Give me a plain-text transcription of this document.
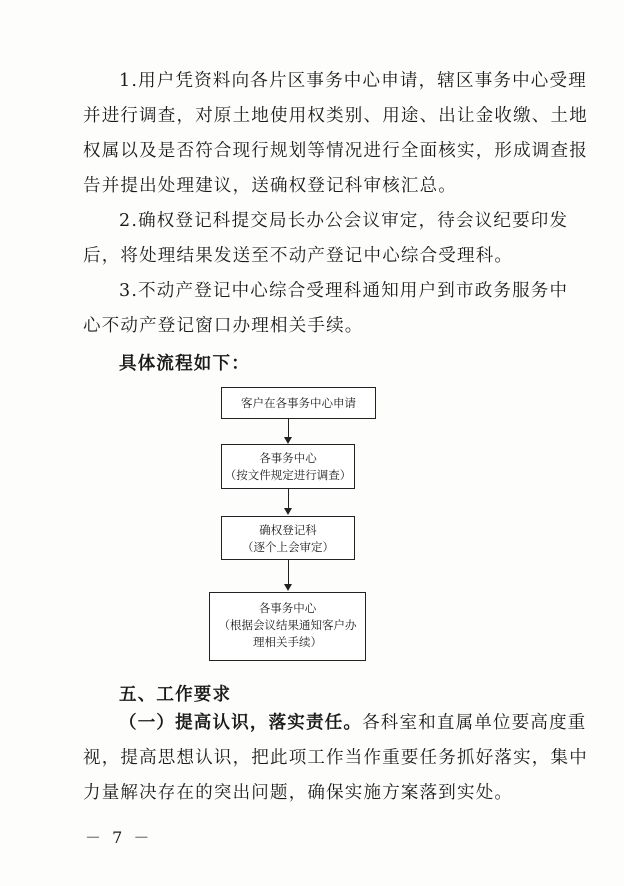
1.用户凭资料向各片区事务中心申请，辖区事务中心受理
并进行调查，对原土地使用权类别、用途、出让金收缴、土地
权属以及是否符合现行规划等情况进行全面核实，形成调查报
告并提出处理建议，送确权登记科审核汇总。
2.确权登记科提交局长办公会议审定，待会议纪要印发
后，将处理结果发送至不动产登记中心综合受理科。
3.不动产登记中心综合受理科通知用户到市政务服务中
心不动产登记窗口办理相关手续。
具体流程如下：
客户在各事务中心申请
各事务中心
（按文件规定进行调查）
确权登记科
（逐个上会审定）
各事务中心
（根据会议结果通知客户办
理相关手续）
五、工作要求
（一）提高认识，落实责任。各科室和直属单位要高度重
视，提高思想认识，把此项工作当作重要任务抓好落实，集中
力量解决存在的突出问题，确保实施方案落到实处。
－ 7 －
